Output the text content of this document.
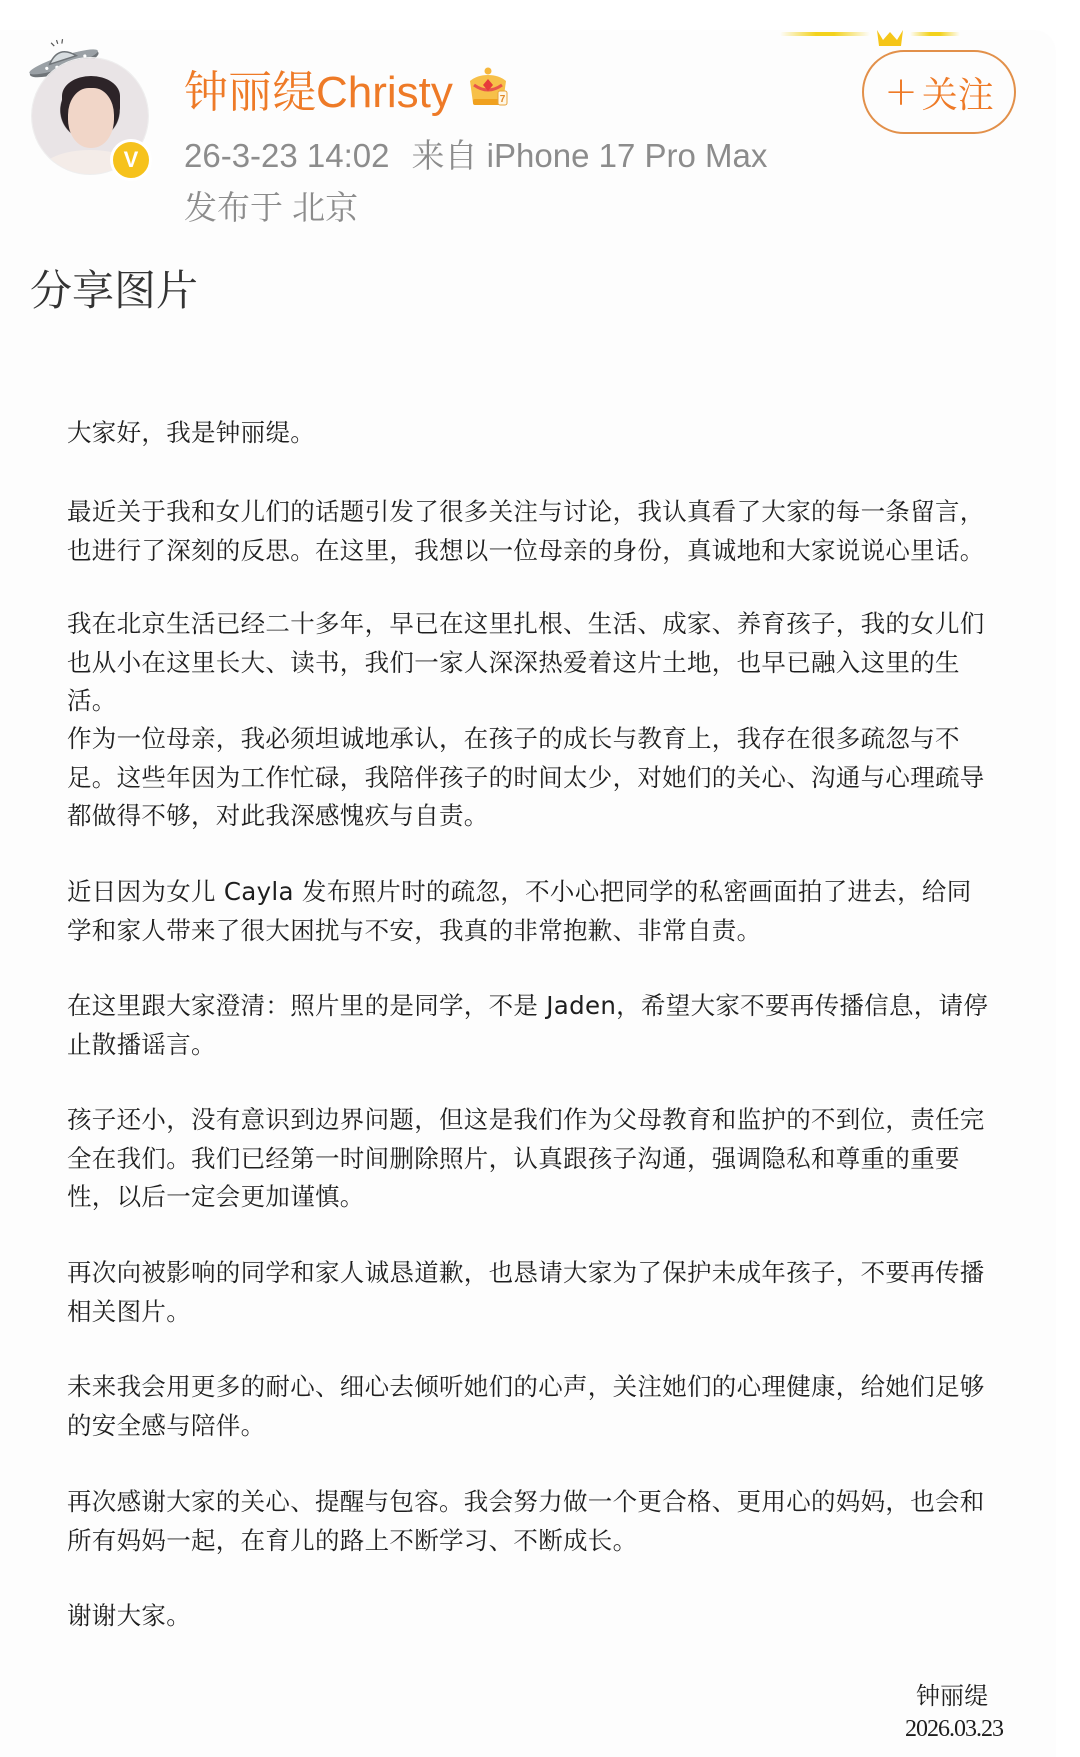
V
钟丽缇Christy	7
26-3-23 14:02 来自 iPhone 17 Pro Max
发布于 北京
+ 关注
分享图片

大家好，我是钟丽缇。

最近关于我和女儿们的话题引发了很多关注与讨论，我认真看了大家的每一条留言，也进行了深刻的反思。在这里，我想以一位母亲的身份，真诚地和大家说说心里话。

我在北京生活已经二十多年，早已在这里扎根、生活、成家、养育孩子，我的女儿们也从小在这里长大、读书，我们一家人深深热爱着这片土地，也早已融入这里的生活。

作为一位母亲，我必须坦诚地承认，在孩子的成长与教育上，我存在很多疏忽与不足。这些年因为工作忙碌，我陪伴孩子的时间太少，对她们的关心、沟通与心理疏导都做得不够，对此我深感愧疚与自责。

近日因为女儿 Cayla 发布照片时的疏忽，不小心把同学的私密画面拍了进去，给同学和家人带来了很大困扰与不安，我真的非常抱歉、非常自责。

在这里跟大家澄清：照片里的是同学，不是 Jaden，希望大家不要再传播信息，请停止散播谣言。

孩子还小，没有意识到边界问题，但这是我们作为父母教育和监护的不到位，责任完全在我们。我们已经第一时间删除照片，认真跟孩子沟通，强调隐私和尊重的重要性，以后一定会更加谨慎。

再次向被影响的同学和家人诚恳道歉，也恳请大家为了保护未成年孩子，不要再传播相关图片。

未来我会用更多的耐心、细心去倾听她们的心声，关注她们的心理健康，给她们足够的安全感与陪伴。

再次感谢大家的关心、提醒与包容。我会努力做一个更合格、更用心的妈妈，也会和所有妈妈一起，在育儿的路上不断学习、不断成长。

谢谢大家。

钟丽缇
2026.03.23
